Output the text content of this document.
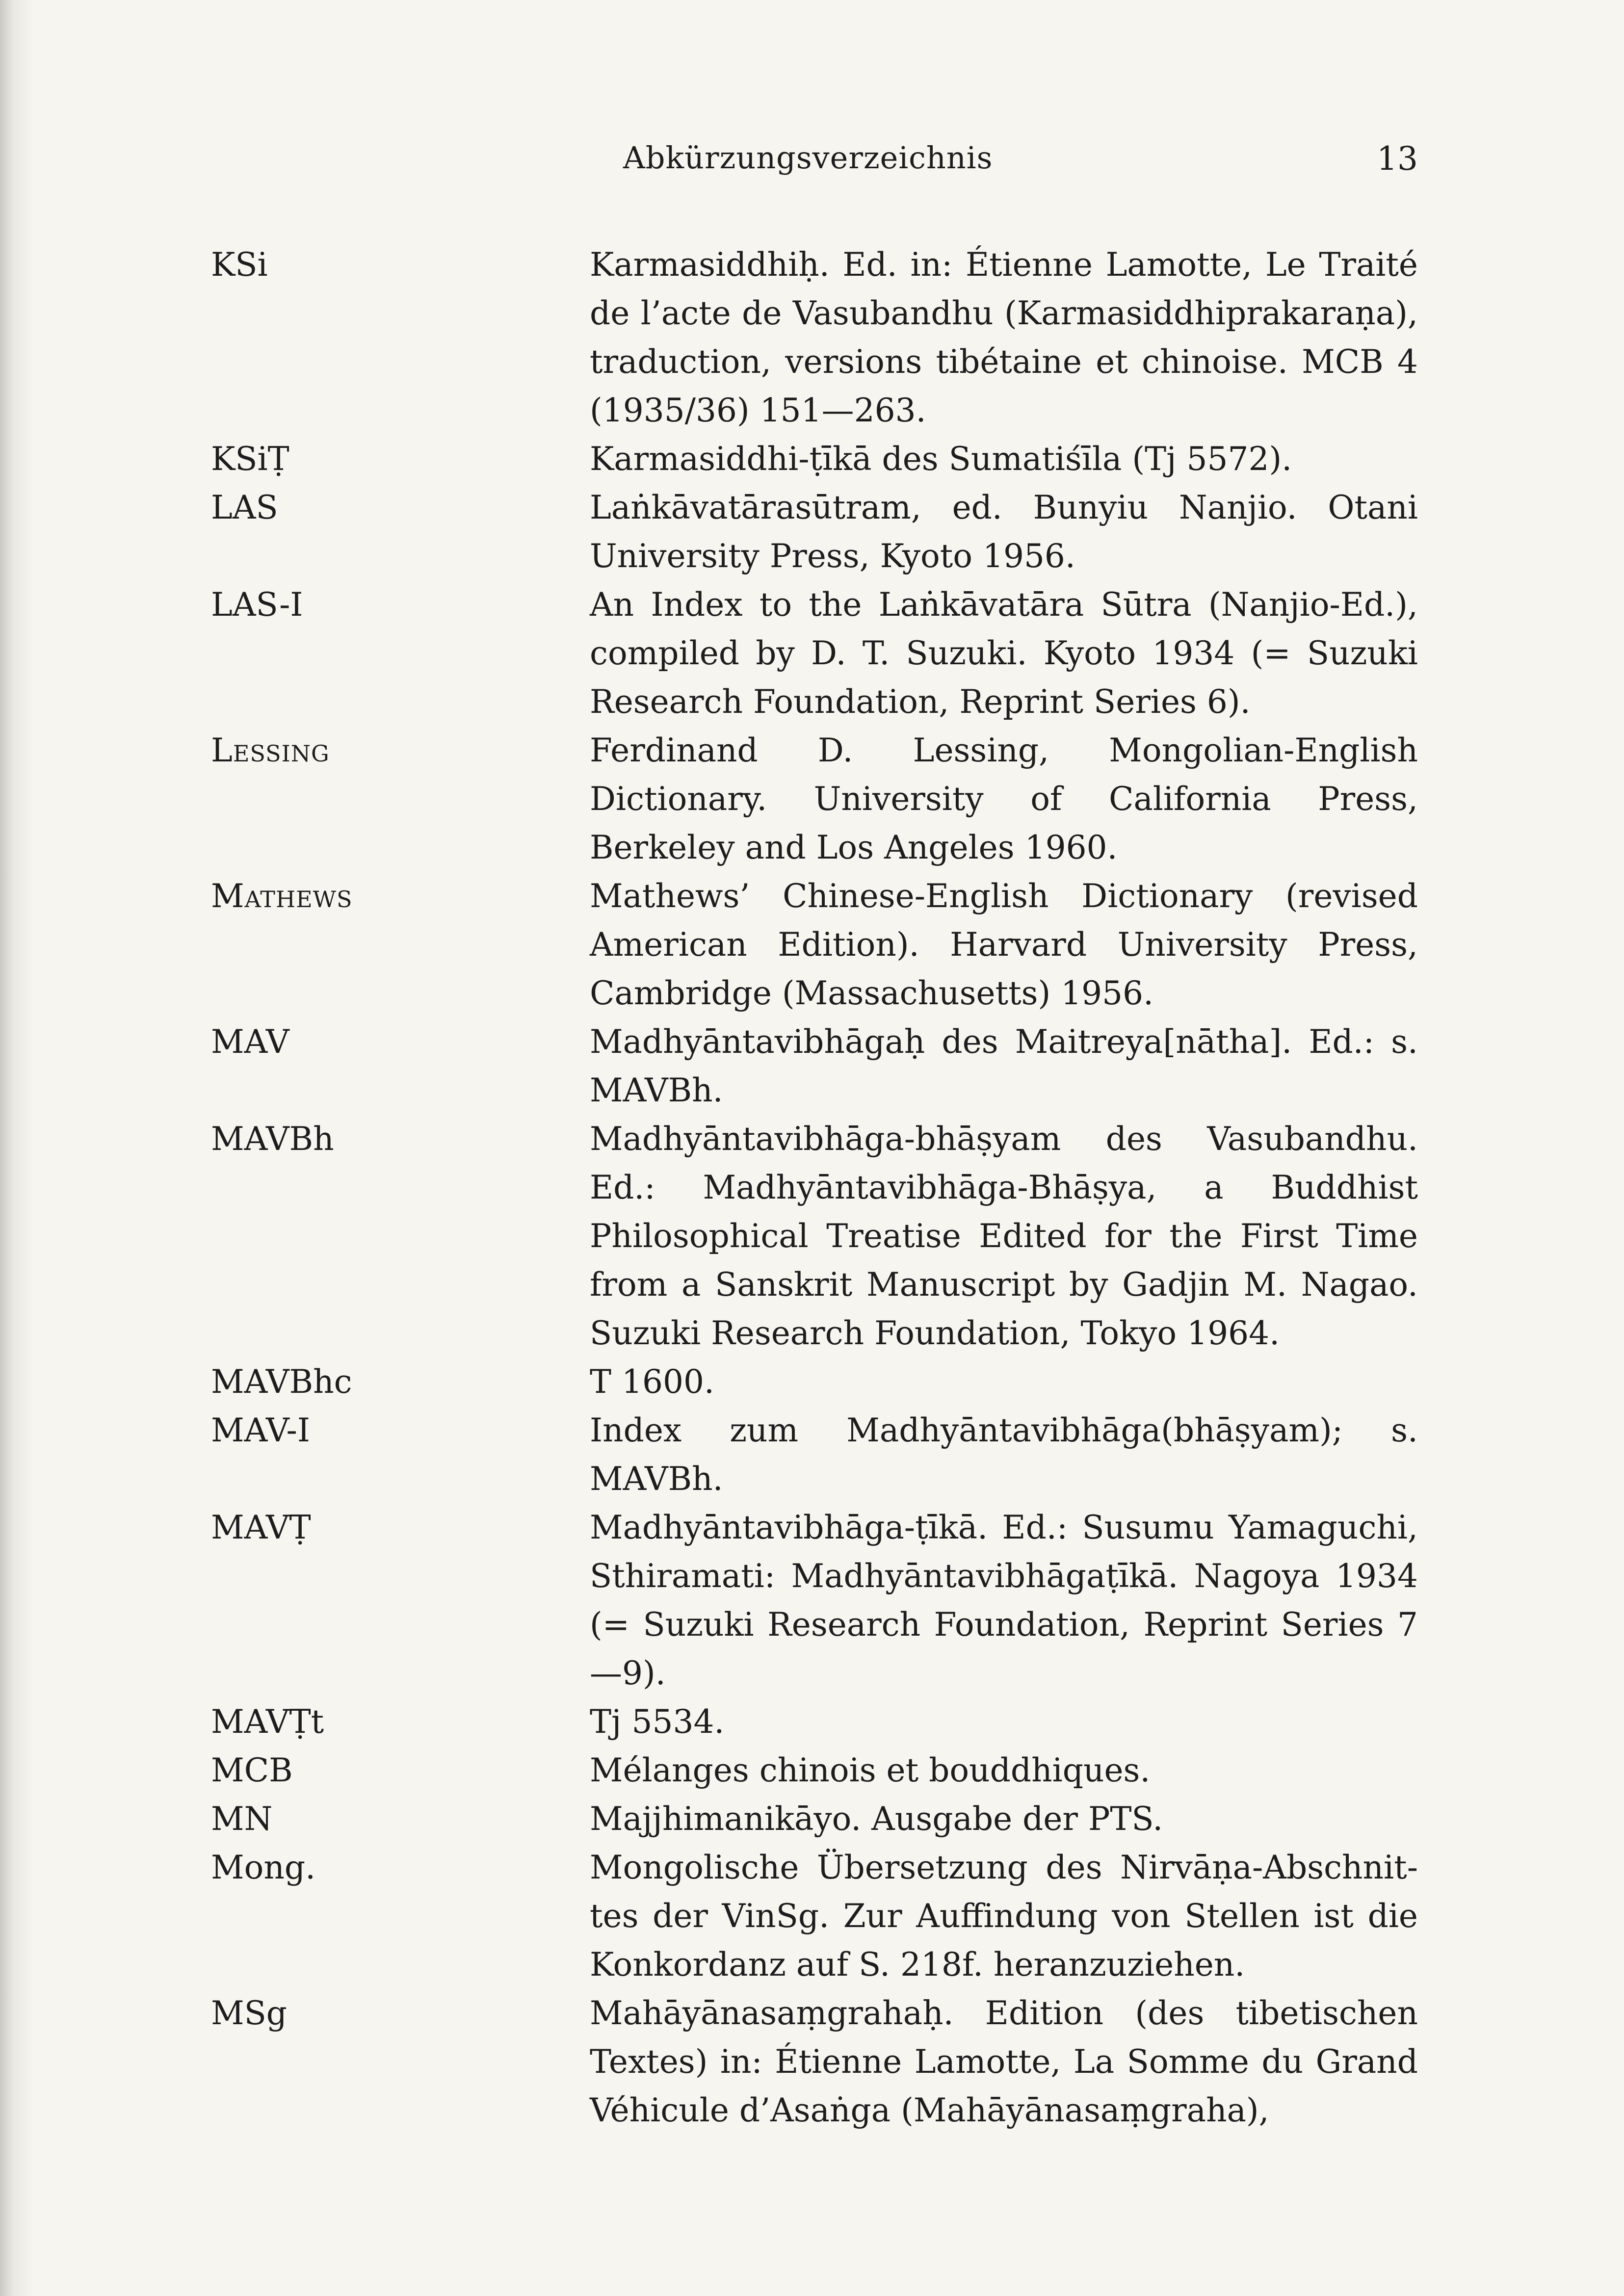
Abkürzungsverzeichnis	13
KSi	Karmasiddhiḥ. Ed. in: Étienne Lamotte, Le Traité de l’acte de Vasubandhu (Karmasiddhiprakaraṇa), traduction, versions tibétaine et chinoise. MCB 4 (1935/36) 151—263.
KSiṬ	Karmasiddhi-ṭīkā des Sumatiśīla (Tj 5572).
LAS	Laṅkāvatārasūtram, ed. Bunyiu Nanjio. Otani University Press, Kyoto 1956.
LAS-I	An Index to the Laṅkāvatāra Sūtra (Nanjio-Ed.), compiled by D. T. Suzuki. Kyoto 1934 (= Suzuki Research Foundation, Reprint Series 6).
Lessing	Ferdinand D. Lessing, Mongolian-English Dictionary. University of California Press, Berkeley and Los Angeles 1960.
Mathews	Mathews’ Chinese-English Dictionary (revised American Edition). Harvard University Press, Cambridge (Massachusetts) 1956.
MAV	Madhyāntavibhāgaḥ des Maitreya[nātha]. Ed.: s. MAVBh.
MAVBh	Madhyāntavibhāga-bhāṣyam des Vasubandhu. Ed.: Madhyāntavibhāga-Bhāṣya, a Buddhist Philosophical Treatise Edited for the First Time from a Sanskrit Manuscript by Gadjin M. Nagao. Suzuki Research Foundation, Tokyo 1964.
MAVBhc	T 1600.
MAV-I	Index zum Madhyāntavibhāga(bhāṣyam); s. MAVBh.
MAVṬ	Madhyāntavibhāga-ṭīkā. Ed.: Susumu Yamaguchi, Sthiramati: Madhyāntavibhāgaṭīkā. Nagoya 1934 (= Suzuki Research Foundation, Reprint Series 7—9).
MAVṬt	Tj 5534.
MCB	Mélanges chinois et bouddhiques.
MN	Majjhimanikāyo. Ausgabe der PTS.
Mong.	Mongolische Übersetzung des Nirvāṇa-Abschnittes der VinSg. Zur Auffindung von Stellen ist die Konkordanz auf S. 218f. heranzuziehen.
MSg	Mahāyānasaṃgrahaḥ. Edition (des tibetischen Textes) in: Étienne Lamotte, La Somme du Grand Véhicule d’Asaṅga (Mahāyānasaṃgraha),
